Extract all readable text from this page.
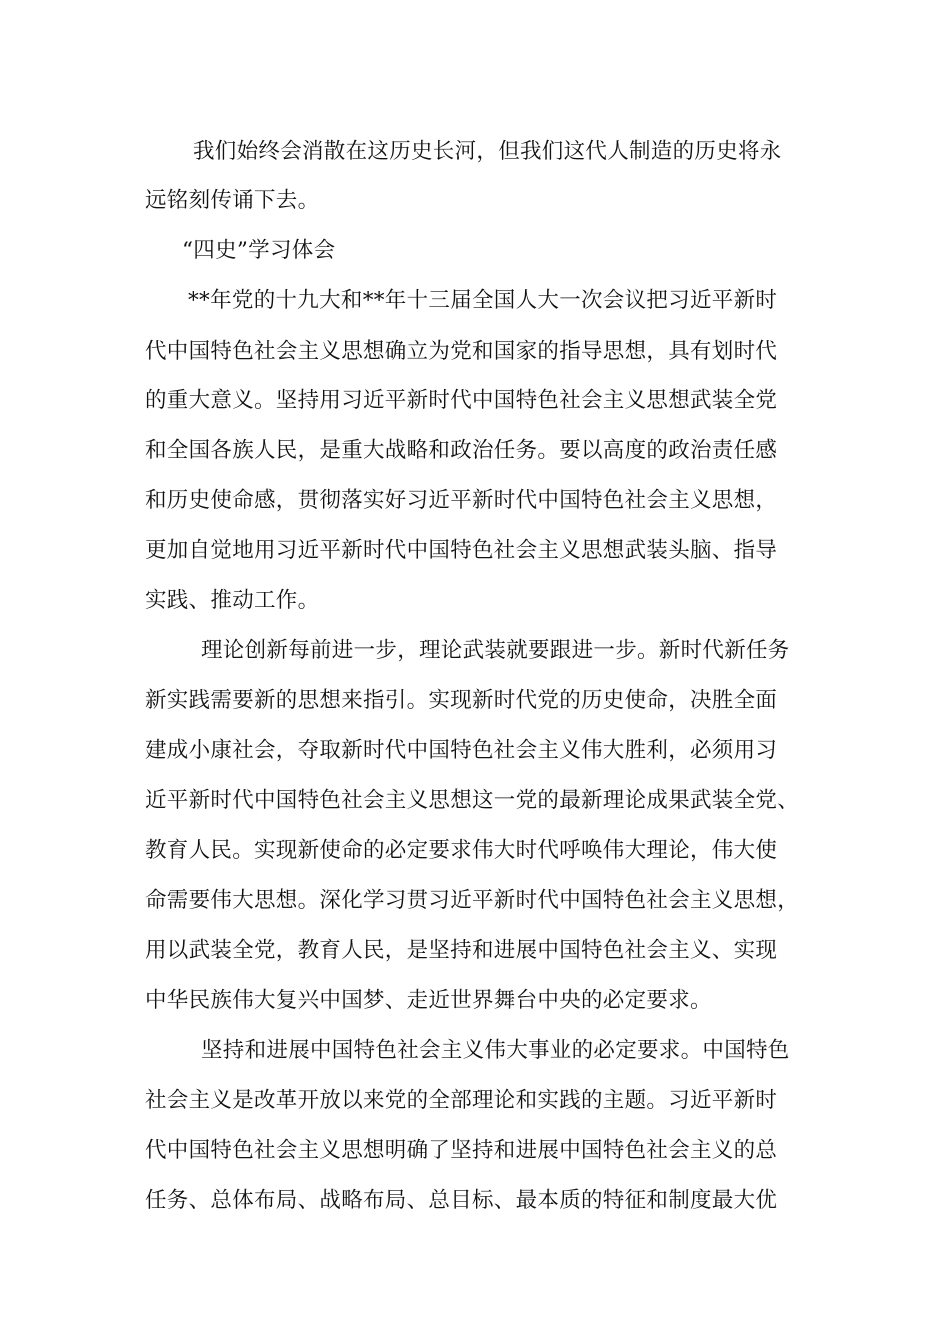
我们始终会消散在这历史长河，但我们这代人制造的历史将永
远铭刻传诵下去。
“四史”学习体会
**年党的十九大和**年十三届全国人大一次会议把习近平新时
代中国特色社会主义思想确立为党和国家的指导思想，具有划时代
的重大意义。坚持用习近平新时代中国特色社会主义思想武装全党
和全国各族人民，是重大战略和政治任务。要以高度的政治责任感
和历史使命感，贯彻落实好习近平新时代中国特色社会主义思想，
更加自觉地用习近平新时代中国特色社会主义思想武装头脑、指导
实践、推动工作。
理论创新每前进一步，理论武装就要跟进一步。新时代新任务
新实践需要新的思想来指引。实现新时代党的历史使命，决胜全面
建成小康社会，夺取新时代中国特色社会主义伟大胜利，必须用习
近平新时代中国特色社会主义思想这一党的最新理论成果武装全党、
教育人民。实现新使命的必定要求伟大时代呼唤伟大理论，伟大使
命需要伟大思想。深化学习贯习近平新时代中国特色社会主义思想，
用以武装全党，教育人民，是坚持和进展中国特色社会主义、实现
中华民族伟大复兴中国梦、走近世界舞台中央的必定要求。
坚持和进展中国特色社会主义伟大事业的必定要求。中国特色
社会主义是改革开放以来党的全部理论和实践的主题。习近平新时
代中国特色社会主义思想明确了坚持和进展中国特色社会主义的总
任务、总体布局、战略布局、总目标、最本质的特征和制度最大优
